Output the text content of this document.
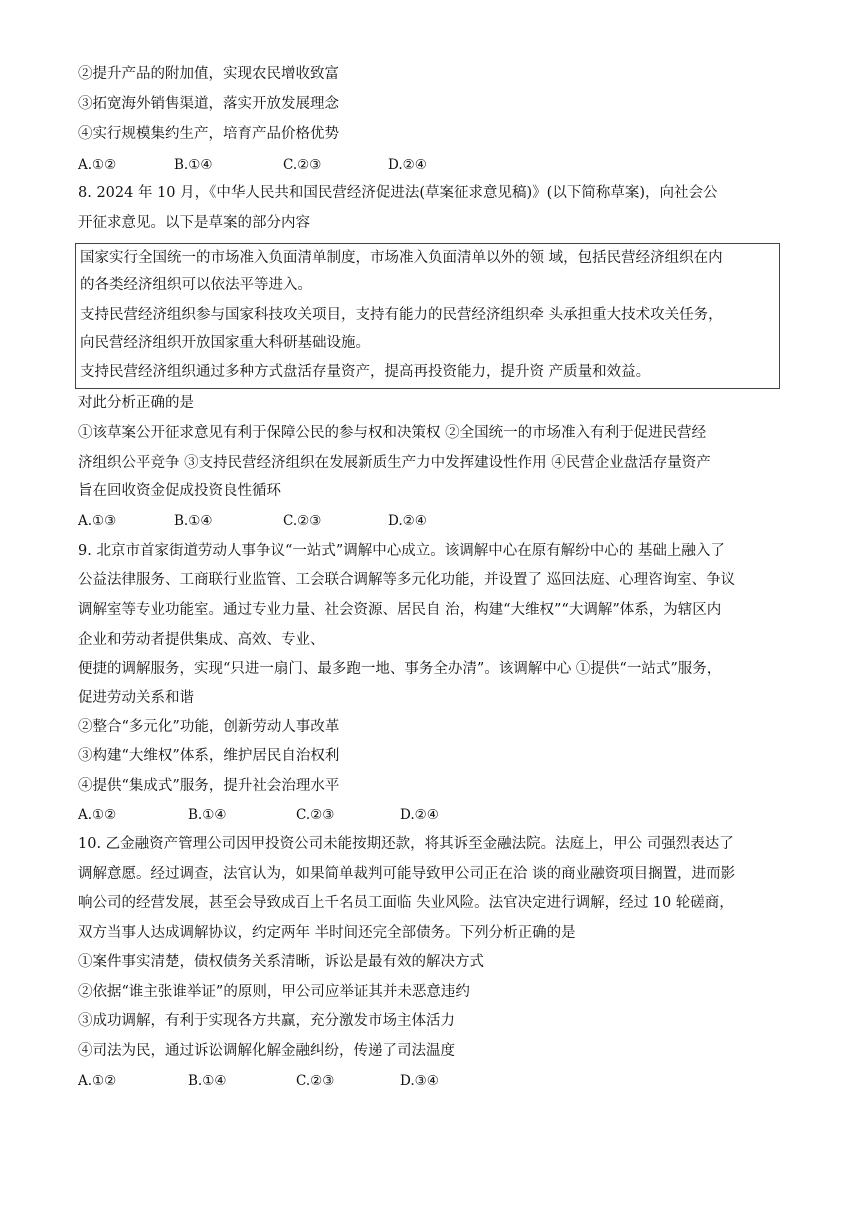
②提升产品的附加值，实现农民增收致富
③拓宽海外销售渠道，落实开放发展理念
④实行规模集约生产，培育产品价格优势
A.①②	B.①④	C.②③	D.②④
8. 2024 年 10 月，《中华人民共和国民营经济促进法(草案征求意见稿)》(以下简称草案)，向社会公
开征求意见。以下是草案的部分内容
国家实行全国统一的市场准入负面清单制度，市场准入负面清单以外的领 域，包括民营经济组织在内
的各类经济组织可以依法平等进入。
支持民营经济组织参与国家科技攻关项目，支持有能力的民营经济组织牵 头承担重大技术攻关任务，
向民营经济组织开放国家重大科研基础设施。
支持民营经济组织通过多种方式盘活存量资产，提高再投资能力，提升资 产质量和效益。
对此分析正确的是
①该草案公开征求意见有利于保障公民的参与权和决策权 ②全国统一的市场准入有利于促进民营经
济组织公平竞争 ③支持民营经济组织在发展新质生产力中发挥建设性作用 ④民营企业盘活存量资产
旨在回收资金促成投资良性循环
A.①③	B.①④	C.②③	D.②④
9. 北京市首家街道劳动人事争议“一站式”调解中心成立。该调解中心在原有解纷中心的 基础上融入了
公益法律服务、工商联行业监管、工会联合调解等多元化功能，并设置了 巡回法庭、心理咨询室、争议
调解室等专业功能室。通过专业力量、社会资源、居民自 治，构建“大维权”“大调解”体系，为辖区内
企业和劳动者提供集成、高效、专业、
便捷的调解服务，实现“只进一扇门、最多跑一地、事务全办清”。该调解中心 ①提供“一站式”服务，
促进劳动关系和谐
②整合“多元化”功能，创新劳动人事改革
③构建“大维权”体系，维护居民自治权利
④提供“集成式”服务，提升社会治理水平
A.①②	B.①④	C.②③	D.②④
10. 乙金融资产管理公司因甲投资公司未能按期还款，将其诉至金融法院。法庭上，甲公 司强烈表达了
调解意愿。经过调查，法官认为，如果简单裁判可能导致甲公司正在洽 谈的商业融资项目搁置，进而影
响公司的经营发展，甚至会导致成百上千名员工面临 失业风险。法官决定进行调解，经过 10 轮磋商，
双方当事人达成调解协议，约定两年 半时间还完全部债务。下列分析正确的是
①案件事实清楚，债权债务关系清晰，诉讼是最有效的解决方式
②依据“谁主张谁举证”的原则，甲公司应举证其并未恶意违约
③成功调解，有利于实现各方共赢，充分激发市场主体活力
④司法为民，通过诉讼调解化解金融纠纷，传递了司法温度
A.①②	B.①④	C.②③	D.③④
